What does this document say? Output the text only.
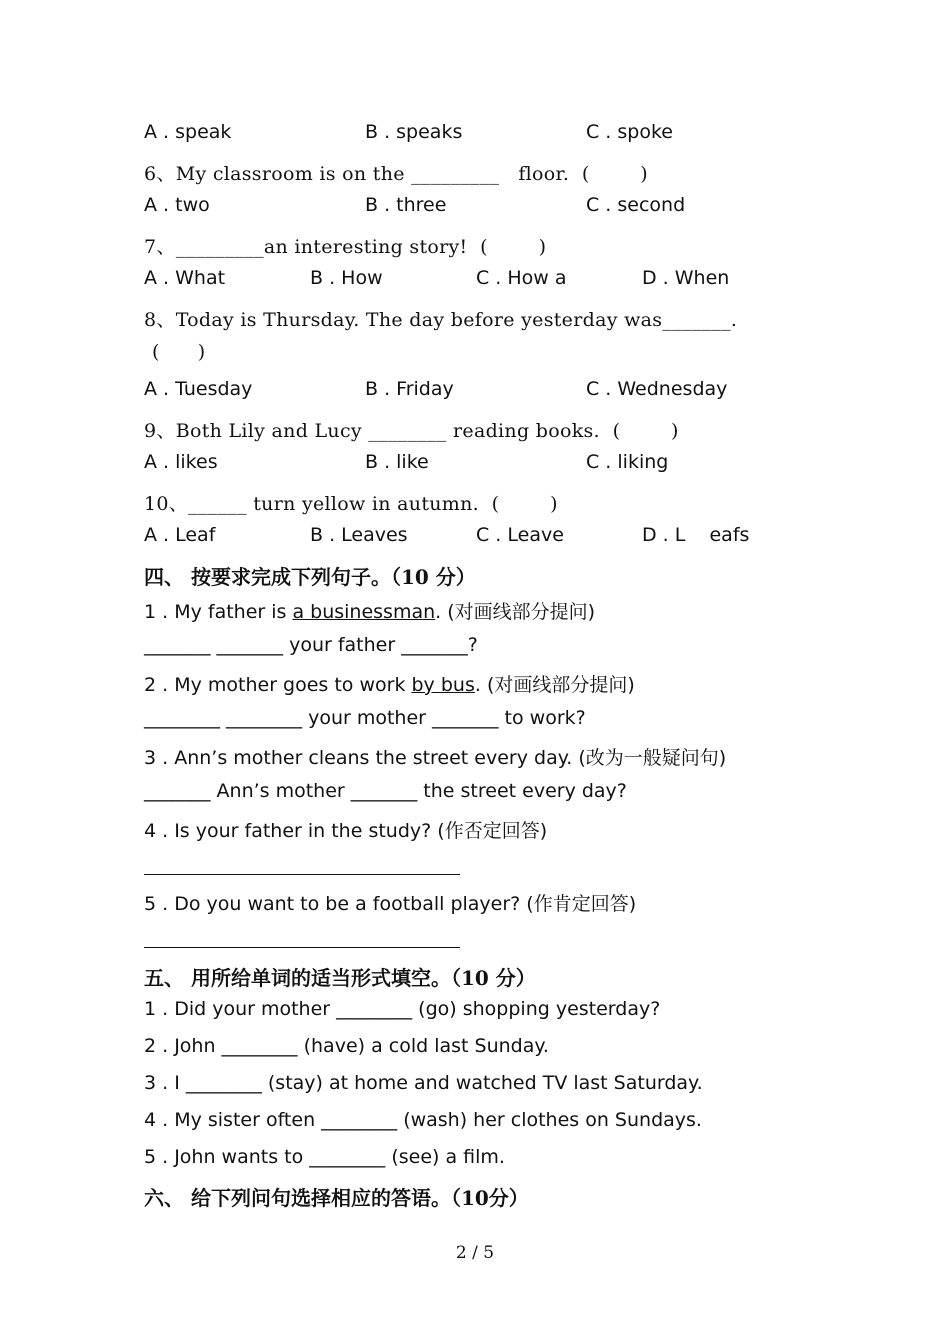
A . speak	B . speaks	C . spoke
6、My classroom is on the _________   floor.  (        )
A . two	B . three	C . second
7、_________an interesting story!  (        )
A . What	B . How	C . How a	D . When
8、Today is Thursday. The day before yesterday was_______.
(      )
A . Tuesday	B . Friday	C . Wednesday
9、Both Lily and Lucy ________ reading books.  (        )
A . likes	B . like	C . liking
10、______ turn yellow in autumn.  (        )
A . Leaf	B . Leaves	C . Leave	D . L    eafs
四、 按要求完成下列句子。（10 分）
1 . My father is a businessman. (对画线部分提问)
_______ _______ your father _______?
2 . My mother goes to work by bus. (对画线部分提问)
________ ________ your mother _______ to work?
3 . Ann’s mother cleans the street every day. (改为一般疑问句)
_______ Ann’s mother _______ the street every day?
4 . Is your father in the study? (作否定回答)
5 . Do you want to be a football player? (作肯定回答)
五、 用所给单词的适当形式填空。（10 分）
1 . Did your mother ________ (go) shopping yesterday?
2 . John ________ (have) a cold last Sunday.
3 . I ________ (stay) at home and watched TV last Saturday.
4 . My sister often ________ (wash) her clothes on Sundays.
5 . John wants to ________ (see) a film.
六、 给下列问句选择相应的答语。（10分）
2 / 5
